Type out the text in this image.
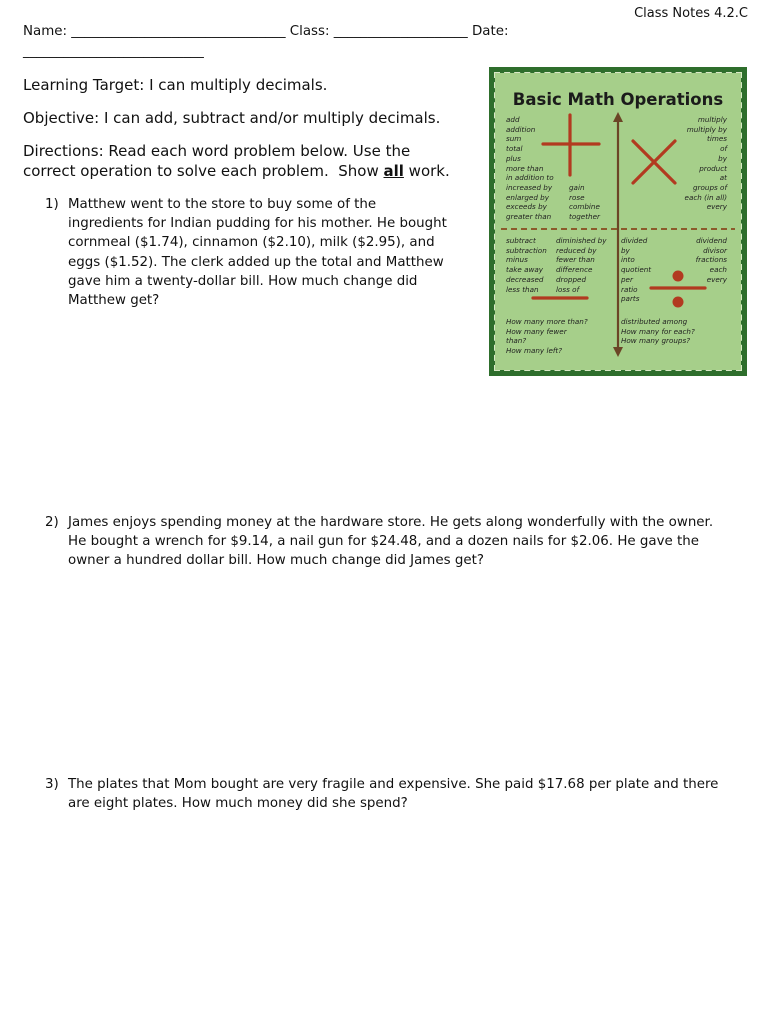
Class Notes 4.2.C
Name: ________________________________ Class: ____________________ Date:
___________________________
Learning Target: I can multiply decimals.
Objective: I can add, subtract and/or multiply decimals.
Directions: Read each word problem below. Use the
correct operation to solve each problem.  Show all work.
1) Matthew went to the store to buy some of the
ingredients for Indian pudding for his mother. He bought
cornmeal ($1.74), cinnamon ($2.10), milk ($2.95), and
eggs ($1.52). The clerk added up the total and Matthew
gave him a twenty-dollar bill. How much change did
Matthew get?
2) James enjoys spending money at the hardware store. He gets along wonderfully with the owner.
He bought a wrench for $9.14, a nail gun for $24.48, and a dozen nails for $2.06. He gave the
owner a hundred dollar bill. How much change did James get?
3) The plates that Mom bought are very fragile and expensive. She paid $17.68 per plate and there
are eight plates. How much money did she spend?
Basic Math Operations
add
addition
sum
total
plus
more than
in addition to
increased by
enlarged by
exceeds by
greater than
gain
rose
combine
together
multiply
multiply by
times
of
by
product
at
groups of
each (in all)
every
subtract
subtraction
minus
take away
decreased
less than
diminished by
reduced by
fewer than
difference
dropped
loss of
How many more than?
How many fewer
than?
How many left?
divided
by
into
quotient
per
ratio
parts
dividend
divisor
fractions
each
every
distributed among
How many for each?
How many groups?
